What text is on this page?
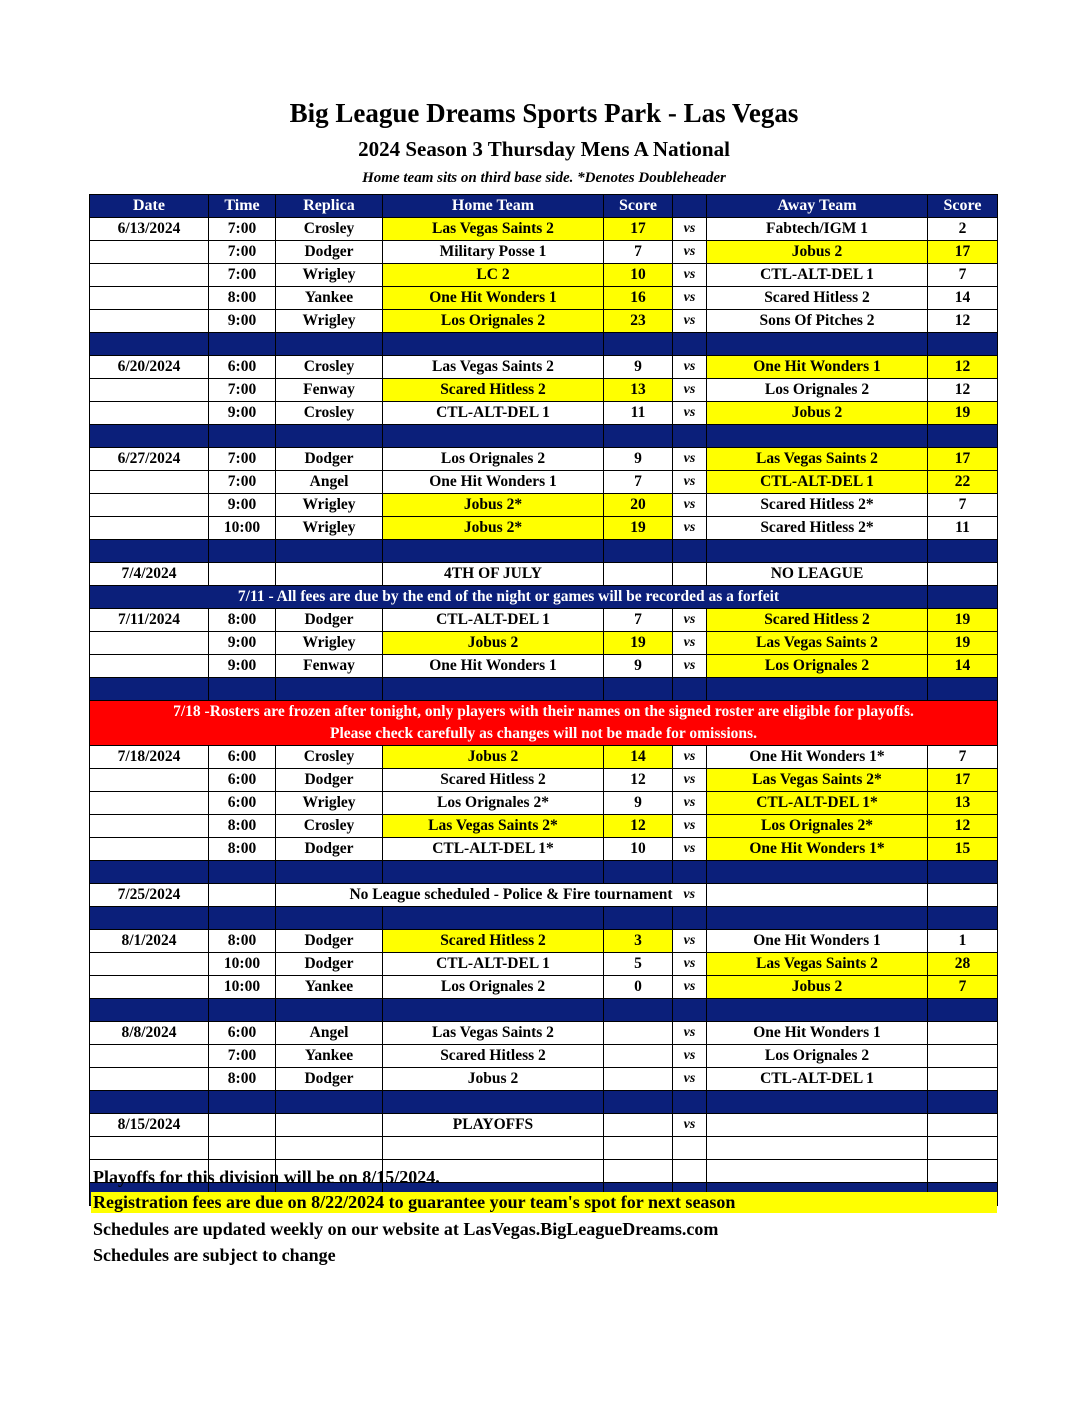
Big League Dreams Sports Park - Las Vegas
2024 Season 3 Thursday Mens A National
Home team sits on third base side. *Denotes Doubleheader
Date	Time	Replica	Home Team	Score		Away Team	Score
6/13/2024	7:00	Crosley	Las Vegas Saints 2	17	vs	Fabtech/IGM 1	2
	7:00	Dodger	Military Posse 1	7	vs	Jobus 2	17
	7:00	Wrigley	LC 2	10	vs	CTL-ALT-DEL 1	7
	8:00	Yankee	One Hit Wonders 1	16	vs	Scared Hitless 2	14
	9:00	Wrigley	Los Orignales 2	23	vs	Sons Of Pitches 2	12

6/20/2024	6:00	Crosley	Las Vegas Saints 2	9	vs	One Hit Wonders 1	12
	7:00	Fenway	Scared Hitless 2	13	vs	Los Orignales 2	12
	9:00	Crosley	CTL-ALT-DEL 1	11	vs	Jobus 2	19

6/27/2024	7:00	Dodger	Los Orignales 2	9	vs	Las Vegas Saints 2	17
	7:00	Angel	One Hit Wonders 1	7	vs	CTL-ALT-DEL 1	22
	9:00	Wrigley	Jobus 2*	20	vs	Scared Hitless 2*	7
	10:00	Wrigley	Jobus 2*	19	vs	Scared Hitless 2*	11

7/4/2024			4TH OF JULY			NO LEAGUE	
7/11 - All fees are due by the end of the night or games will be recorded as a forfeit							
7/11/2024	8:00	Dodger	CTL-ALT-DEL 1	7	vs	Scared Hitless 2	19
	9:00	Wrigley	Jobus 2	19	vs	Las Vegas Saints 2	19
	9:00	Fenway	One Hit Wonders 1	9	vs	Los Orignales 2	14

7/18 -Rosters are frozen after tonight, only players with their names on the signed roster are eligible for playoffs.
Please check carefully as changes will not be made for omissions.							

7/18/2024	6:00	Crosley	Jobus 2	14	vs	One Hit Wonders 1*	7
	6:00	Dodger	Scared Hitless 2	12	vs	Las Vegas Saints 2*	17
	6:00	Wrigley	Los Orignales 2*	9	vs	CTL-ALT-DEL 1*	13
	8:00	Crosley	Las Vegas Saints 2*	12	vs	Los Orignales 2*	12
	8:00	Dodger	CTL-ALT-DEL 1*	10	vs	One Hit Wonders 1*	15

7/25/2024		No League scheduled - Police & Fire tournament			vs		

8/1/2024	8:00	Dodger	Scared Hitless 2	3	vs	One Hit Wonders 1	1
	10:00	Dodger	CTL-ALT-DEL 1	5	vs	Las Vegas Saints 2	28
	10:00	Yankee	Los Orignales 2	0	vs	Jobus 2	7

8/8/2024	6:00	Angel	Las Vegas Saints 2		vs	One Hit Wonders 1	
	7:00	Yankee	Scared Hitless 2		vs	Los Orignales 2	
	8:00	Dodger	Jobus 2		vs	CTL-ALT-DEL 1	

8/15/2024			PLAYOFFS		vs		

Playoffs for this division will be on 8/15/2024.
Registration fees are due on 8/22/2024 to guarantee your team's spot for next season
Schedules are updated weekly on our website at LasVegas.BigLeagueDreams.com
Schedules are subject to change
